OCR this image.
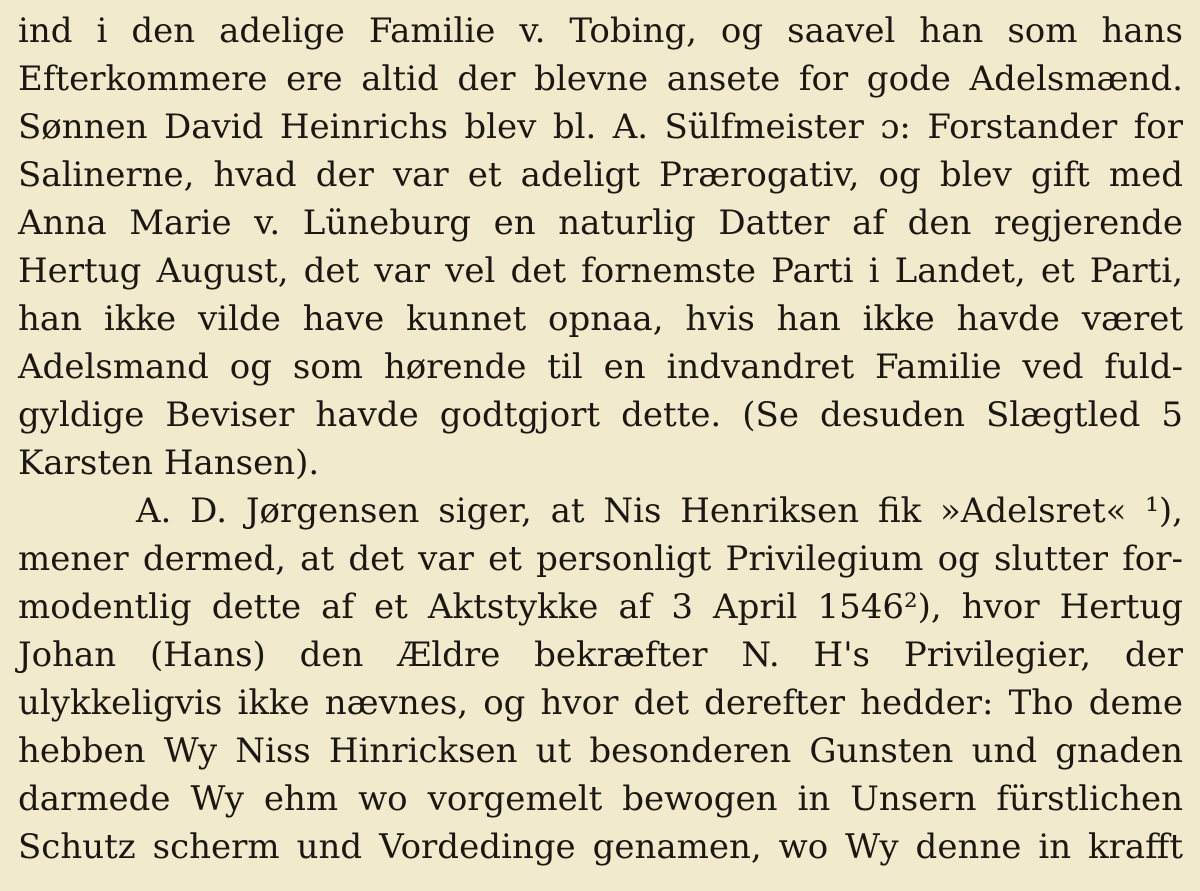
ind i den adelige Familie v. Tobing, og saavel han som hans
Efterkommere ere altid der blevne ansete for gode Adelsmænd.
Sønnen David Heinrichs blev bl. A. Sülfmeister ɔ: Forstander for
Salinerne, hvad der var et adeligt Prærogativ, og blev gift med
Anna Marie v. Lüneburg en naturlig Datter af den regjerende
Hertug August, det var vel det fornemste Parti i Landet, et Parti,
han ikke vilde have kunnet opnaa, hvis han ikke havde været
Adelsmand og som hørende til en indvandret Familie ved fuld-
gyldige Beviser havde godtgjort dette. (Se desuden Slægtled 5
Karsten Hansen).
A. D. Jørgensen siger, at Nis Henriksen fik »Adelsret« ¹),
mener dermed, at det var et personligt Privilegium og slutter for-
modentlig dette af et Aktstykke af 3 April 1546²), hvor Hertug
Johan (Hans) den Ældre bekræfter N. H's Privilegier, der
ulykkeligvis ikke nævnes, og hvor det derefter hedder: Tho deme
hebben Wy Niss Hinricksen ut besonderen Gunsten und gnaden
darmede Wy ehm wo vorgemelt bewogen in Unsern fürstlichen
Schutz scherm und Vordedinge genamen, wo Wy denne in krafft
